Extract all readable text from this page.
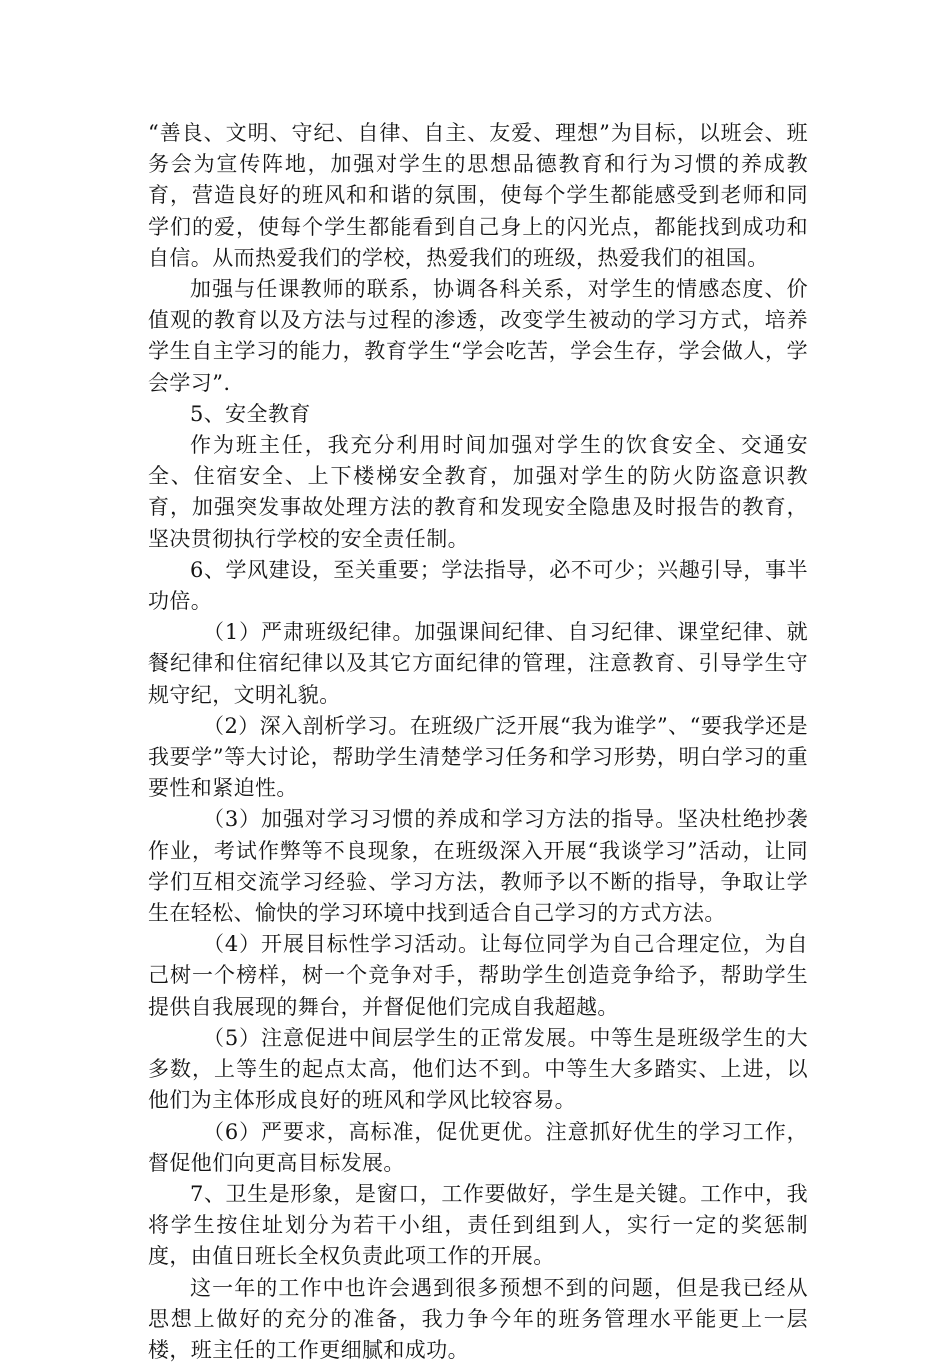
“善良、文明、守纪、自律、自主、友爱、理想”为目标，以班会、班务会为宣传阵地，加强对学生的思想品德教育和行为习惯的养成教育，营造良好的班风和和谐的氛围，使每个学生都能感受到老师和同学们的爱，使每个学生都能看到自己身上的闪光点，都能找到成功和自信。从而热爱我们的学校，热爱我们的班级，热爱我们的祖国。

加强与任课教师的联系，协调各科关系，对学生的情感态度、价值观的教育以及方法与过程的渗透，改变学生被动的学习方式，培养学生自主学习的能力，教育学生“学会吃苦，学会生存，学会做人，学会学习”.

5、安全教育

作为班主任，我充分利用时间加强对学生的饮食安全、交通安全、住宿安全、上下楼梯安全教育，加强对学生的防火防盗意识教育，加强突发事故处理方法的教育和发现安全隐患及时报告的教育，坚决贯彻执行学校的安全责任制。

6、学风建设，至关重要；学法指导，必不可少；兴趣引导，事半功倍。

（1）严肃班级纪律。加强课间纪律、自习纪律、课堂纪律、就餐纪律和住宿纪律以及其它方面纪律的管理，注意教育、引导学生守规守纪，文明礼貌。

（2）深入剖析学习。在班级广泛开展“我为谁学”、“要我学还是我要学”等大讨论，帮助学生清楚学习任务和学习形势，明白学习的重要性和紧迫性。

（3）加强对学习习惯的养成和学习方法的指导。坚决杜绝抄袭作业，考试作弊等不良现象，在班级深入开展“我谈学习”活动，让同学们互相交流学习经验、学习方法，教师予以不断的指导，争取让学生在轻松、愉快的学习环境中找到适合自己学习的方式方法。

（4）开展目标性学习活动。让每位同学为自己合理定位，为自己树一个榜样，树一个竞争对手，帮助学生创造竞争给予，帮助学生提供自我展现的舞台，并督促他们完成自我超越。

（5）注意促进中间层学生的正常发展。中等生是班级学生的大多数，上等生的起点太高，他们达不到。中等生大多踏实、上进，以他们为主体形成良好的班风和学风比较容易。

（6）严要求，高标准，促优更优。注意抓好优生的学习工作，督促他们向更高目标发展。

7、卫生是形象，是窗口，工作要做好，学生是关键。工作中，我将学生按住址划分为若干小组，责任到组到人，实行一定的奖惩制度，由值日班长全权负责此项工作的开展。

这一年的工作中也许会遇到很多预想不到的问题，但是我已经从思想上做好的充分的准备，我力争今年的班务管理水平能更上一层楼，班主任的工作更细腻和成功。
